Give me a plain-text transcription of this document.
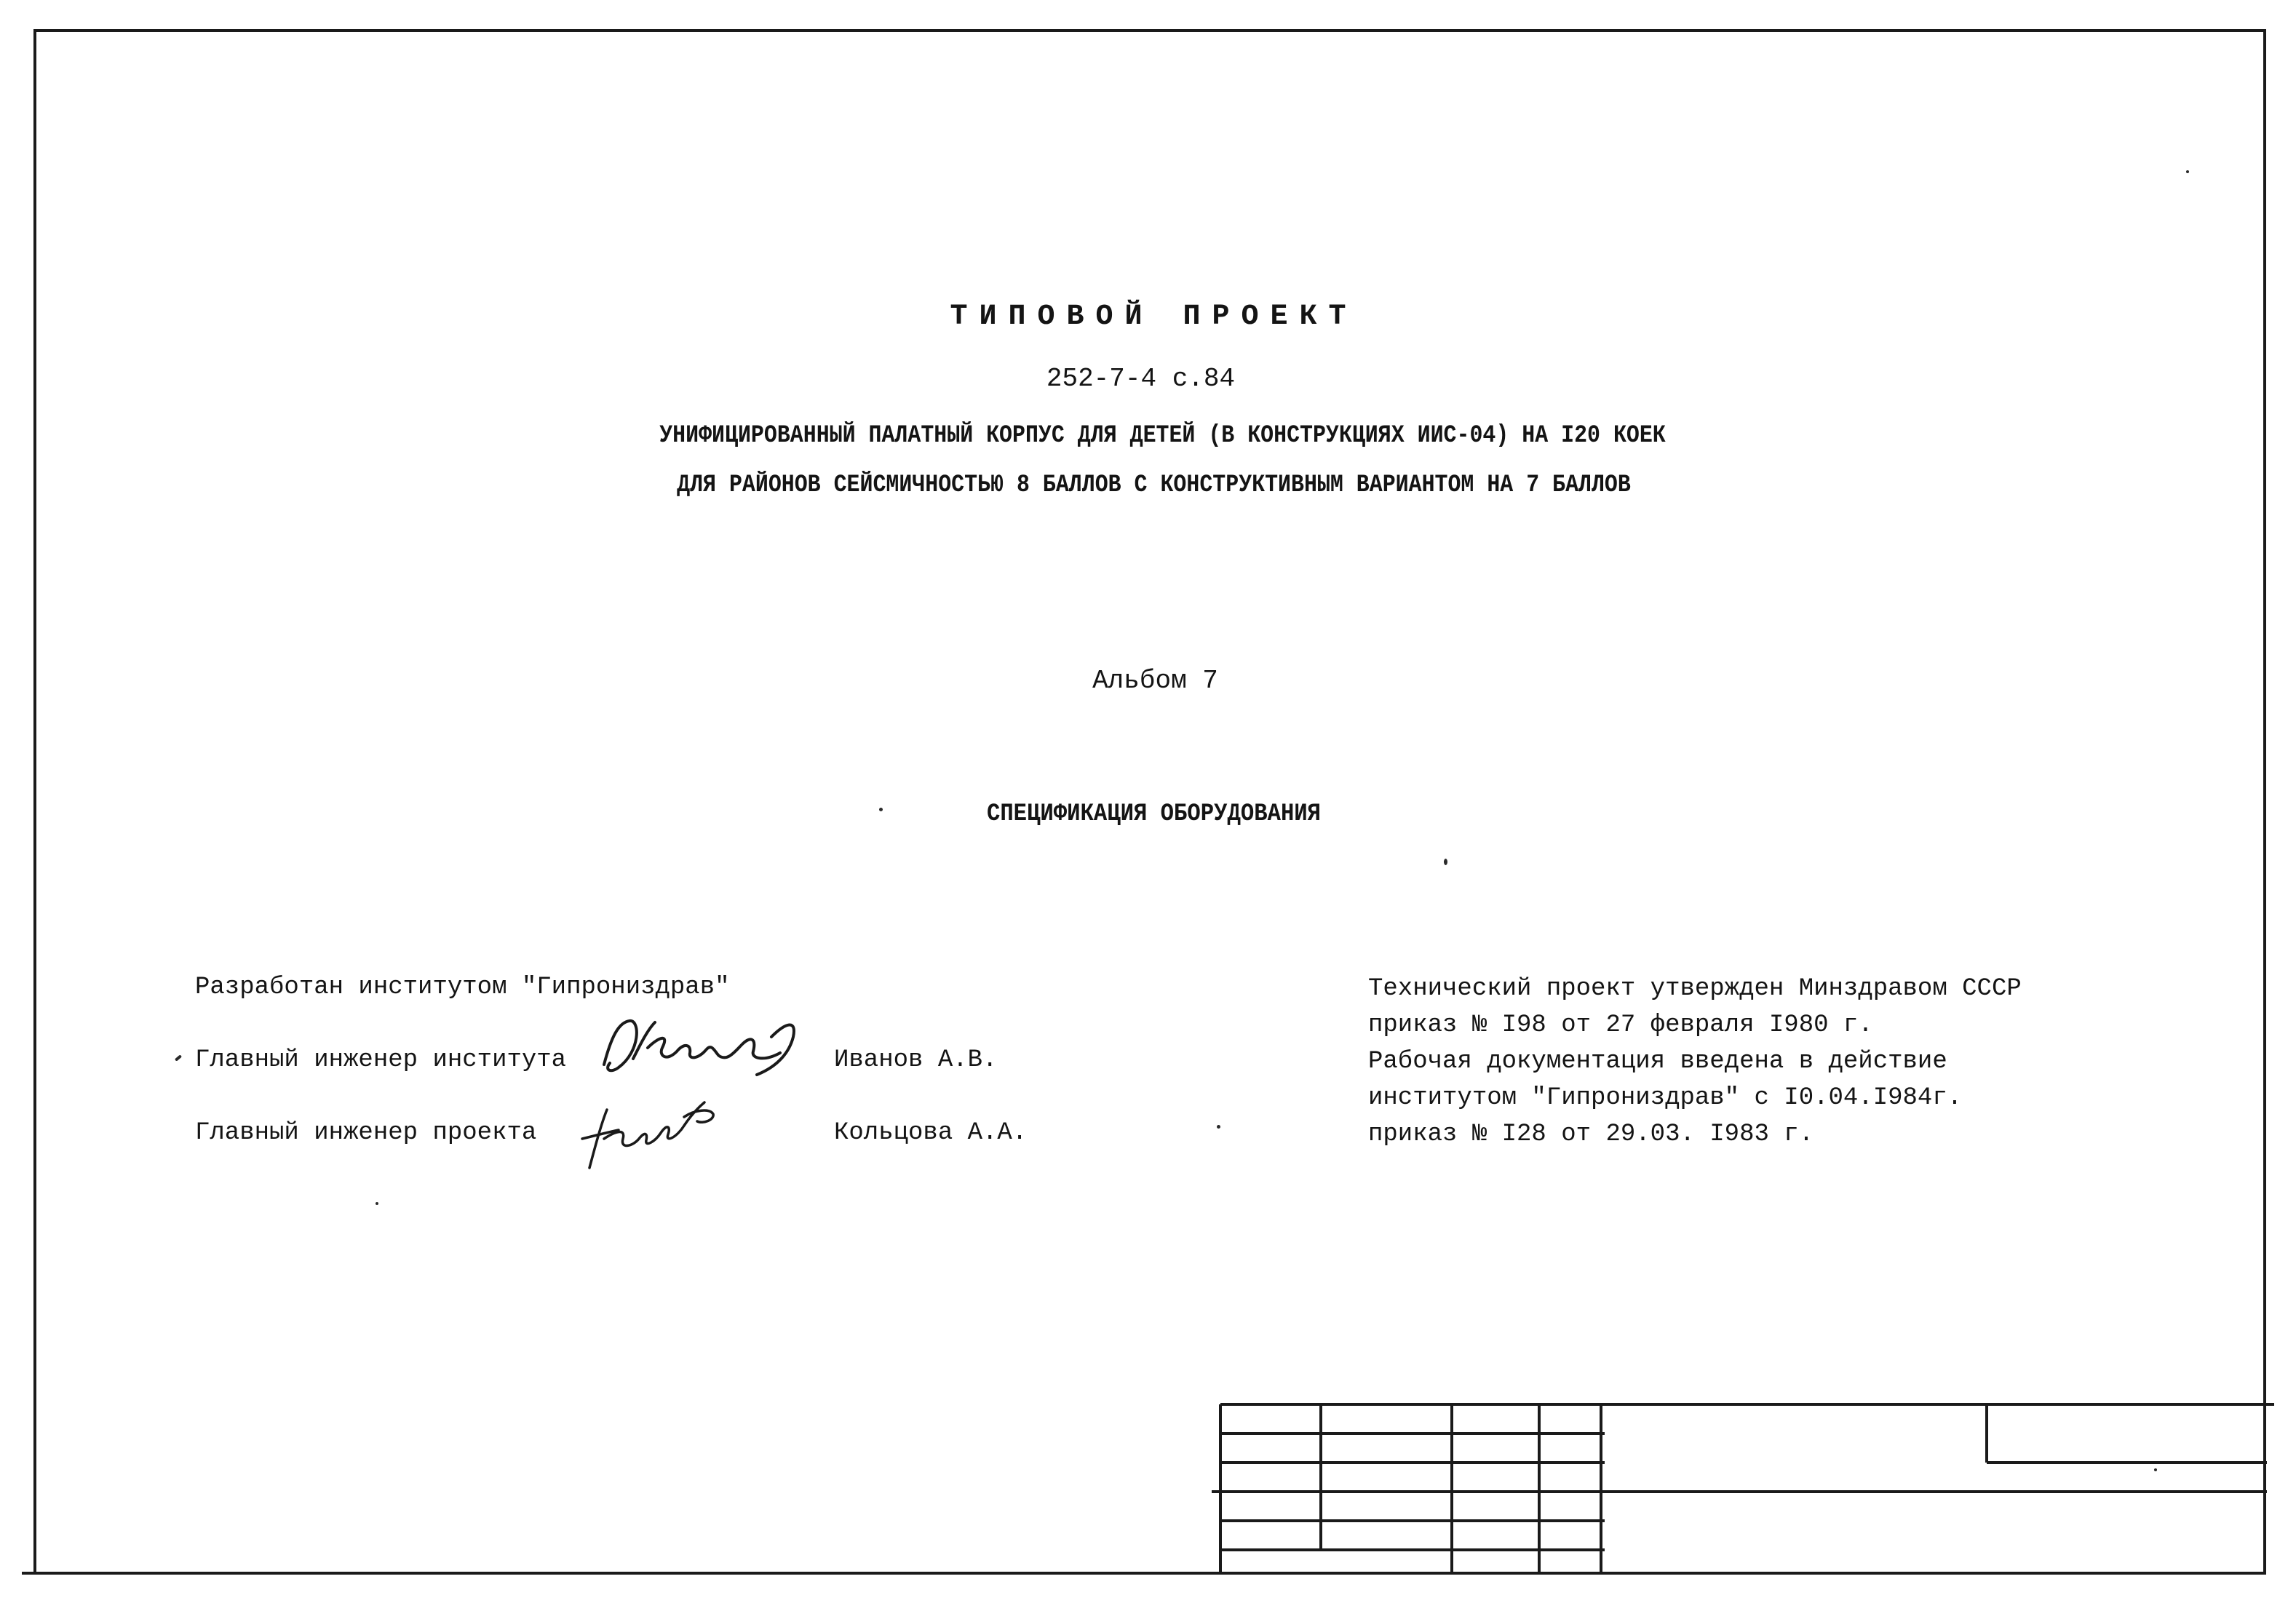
ТИПОВОЙ ПРОЕКТ
252-7-4 с.84
УНИФИЦИРОВАННЫЙ ПАЛАТНЫЙ КОРПУС ДЛЯ ДЕТЕЙ (В КОНСТРУКЦИЯХ ИИС-04) НА I20 КОЕК
ДЛЯ РАЙОНОВ СЕЙСМИЧНОСТЬЮ 8 БАЛЛОВ С КОНСТРУКТИВНЫМ ВАРИАНТОМ НА 7 БАЛЛОВ
Альбом 7
СПЕЦИФИКАЦИЯ ОБОРУДОВАНИЯ
Разработан институтом "Гипрониздрав"
Главный инженер института	Иванов А.В.
Главный инженер проекта	Кольцова А.А.
Технический проект утвержден Минздравом СССР
приказ № I98 от 27 февраля I980 г.
Рабочая документация введена в действие
институтом "Гипрониздрав" с I0.04.I984г.
приказ № I28 от 29.03. I983 г.
